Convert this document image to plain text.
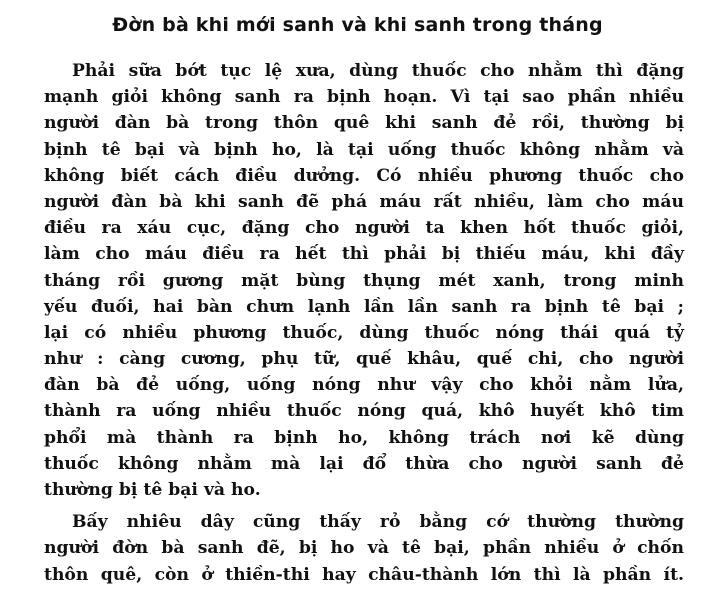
Đờn bà khi mới sanh và khi sanh trong tháng
Phải sữa bớt tục lệ xưa, dùng thuốc cho nhằm thì đặng
mạnh giỏi không sanh ra bịnh hoạn. Vì tại sao phần nhiều
người đàn bà trong thôn quê khi sanh đẻ rồi, thường bị
bịnh tê bại và bịnh ho, là tại uống thuốc không nhằm và
không biết cách điều dưởng. Có nhiều phương thuốc cho
người đàn bà khi sanh đẽ phá máu rất nhiều, làm cho máu
điều ra xáu cục, đặng cho người ta khen hốt thuốc giỏi,
làm cho máu điều ra hết thì phải bị thiếu máu, khi đầy
tháng rồi gương mặt bùng thụng mét xanh, trong minh
yếu đuối, hai bàn chưn lạnh lần lần sanh ra bịnh tê bại ;
lại có nhiều phương thuốc, dùng thuốc nóng thái quá tỷ
như : càng cương, phụ tữ, quế khâu, quế chi, cho người
đàn bà đẻ uống, uống nóng như vậy cho khỏi nằm lửa,
thành ra uống nhiều thuốc nóng quá, khô huyết khô tim
phổi mà thành ra bịnh ho, không trách nơi kẽ dùng
thuốc không nhằm mà lại đổ thừa cho người sanh đẻ
thường bị tê bại và ho.
Bấy nhiêu dây cũng thấy rỏ bằng cớ thường thường
người đờn bà sanh đẽ, bị ho và tê bại, phần nhiều ở chốn
thôn quê, còn ở thiền-thi hay châu-thành lớn thì là phần ít.
